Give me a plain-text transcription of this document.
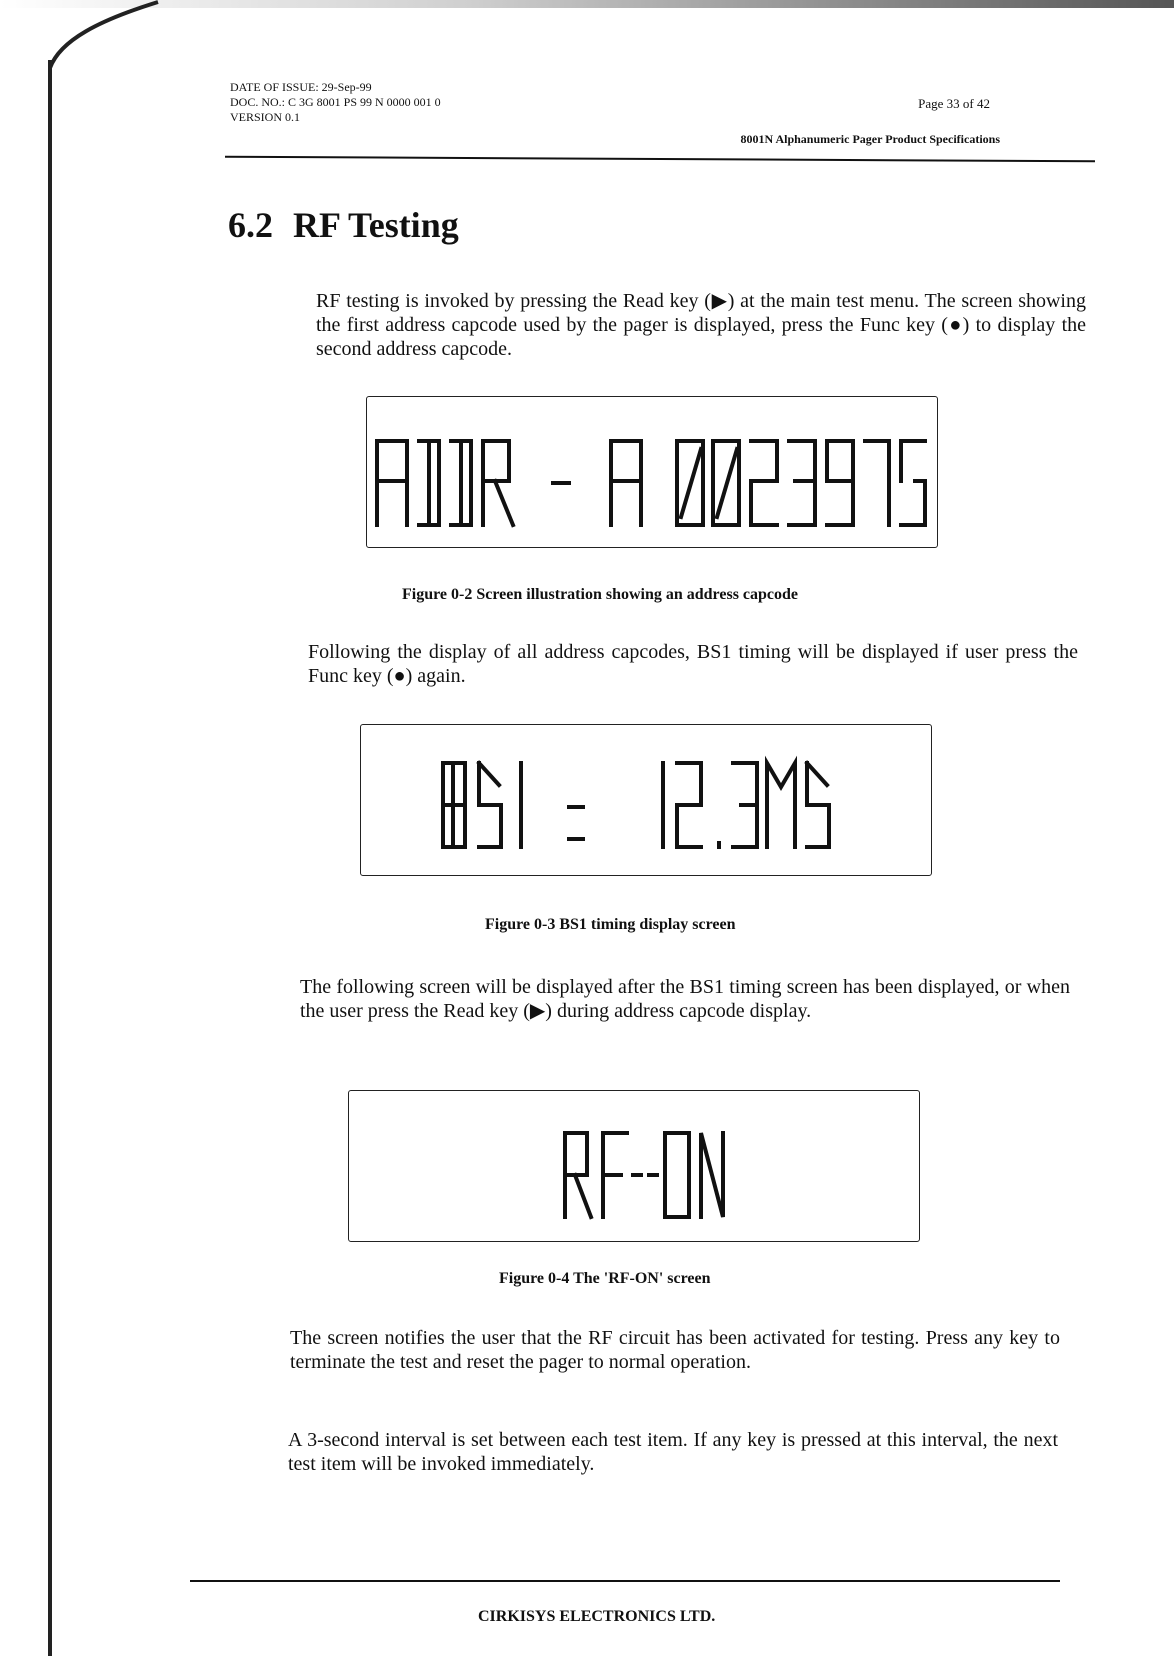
DATE OF ISSUE: 29-Sep-99
DOC. NO.: C 3G 8001 PS 99 N 0000 001 0
VERSION 0.1
Page 33 of 42
8001N Alphanumeric Pager Product Specifications
6.2 RF Testing

RF testing is invoked by pressing the Read key (▶) at the main test menu. The screen showing the first address capcode used by the pager is displayed, press the Func key (●) to display the second address capcode.

Figure 0-2 Screen illustration showing an address capcode

Following the display of all address capcodes, BS1 timing will be displayed if user press the Func key (●) again.

Figure 0-3 BS1 timing display screen

The following screen will be displayed after the BS1 timing screen has been displayed, or when the user press the Read key (▶) during address capcode display.

Figure 0-4 The 'RF-ON' screen

The screen notifies the user that the RF circuit has been activated for testing. Press any key to terminate the test and reset the pager to normal operation.

A 3-second interval is set between each test item. If any key is pressed at this interval, the next test item will be invoked immediately.

CIRKISYS ELECTRONICS LTD.
